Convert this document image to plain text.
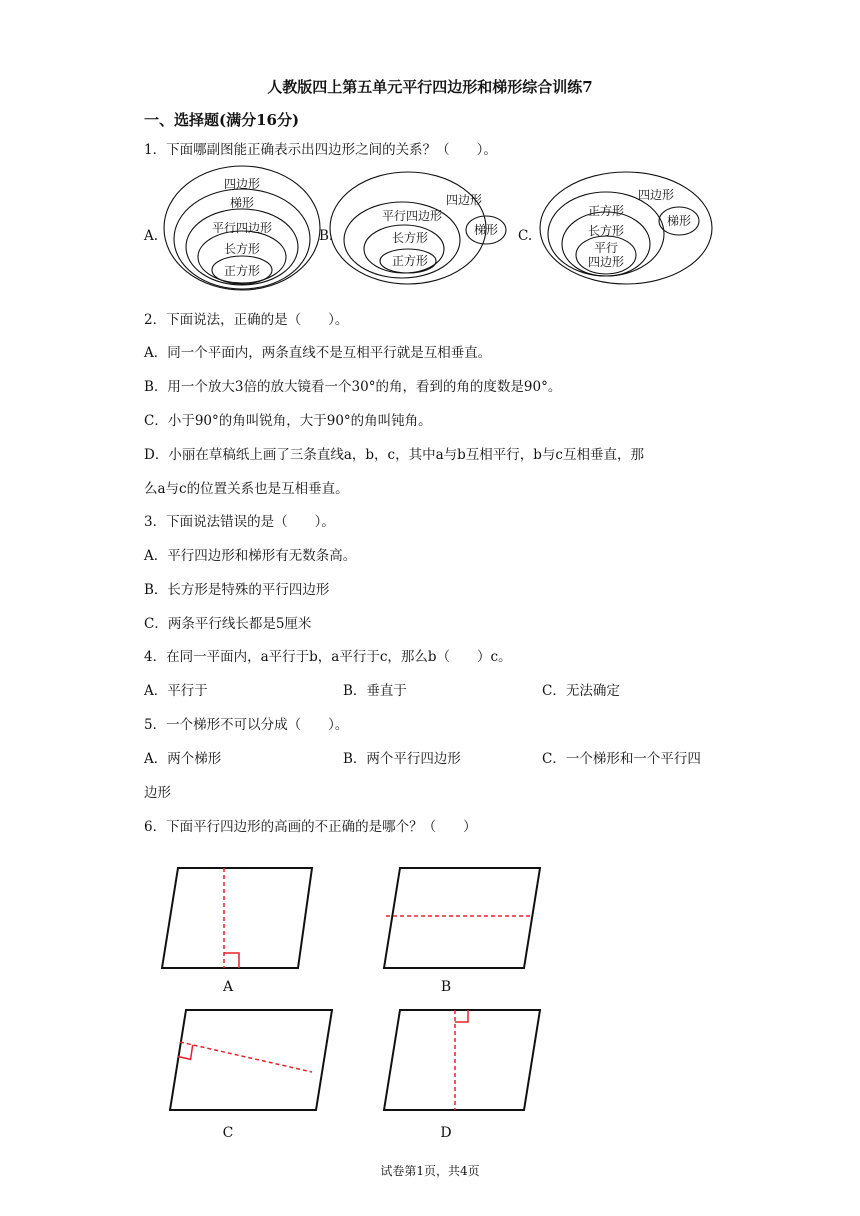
人教版四上第五单元平行四边形和梯形综合训练7
一、选择题(满分16分)
1．下面哪副图能正确表示出四边形之间的关系？（　　）。
A.	B.	C.
四边形
梯形
平行四边形
长方形
正方形
四边形
平行四边形
长方形
正方形
梯形
四边形
正方形
长方形
平行
四边形
梯形
2．下面说法，正确的是（　　）。
A．同一个平面内，两条直线不是互相平行就是互相垂直。
B．用一个放大3倍的放大镜看一个30°的角，看到的角的度数是90°。
C．小于90°的角叫锐角，大于90°的角叫钝角。
D．小丽在草稿纸上画了三条直线a，b，c，其中a与b互相平行，b与c互相垂直，那
么a与c的位置关系也是互相垂直。
3．下面说法错误的是（　　）。
A．平行四边形和梯形有无数条高。
B．长方形是特殊的平行四边形
C．两条平行线长都是5厘米
4．在同一平面内，a平行于b，a平行于c，那么b（　　）c。
A．平行于	B．垂直于	C．无法确定
5．一个梯形不可以分成（　　）。
A．两个梯形	B．两个平行四边形	C．一个梯形和一个平行四
边形
6．下面平行四边形的高画的不正确的是哪个？（　　）
A	B
C	D
试卷第1页，共4页
